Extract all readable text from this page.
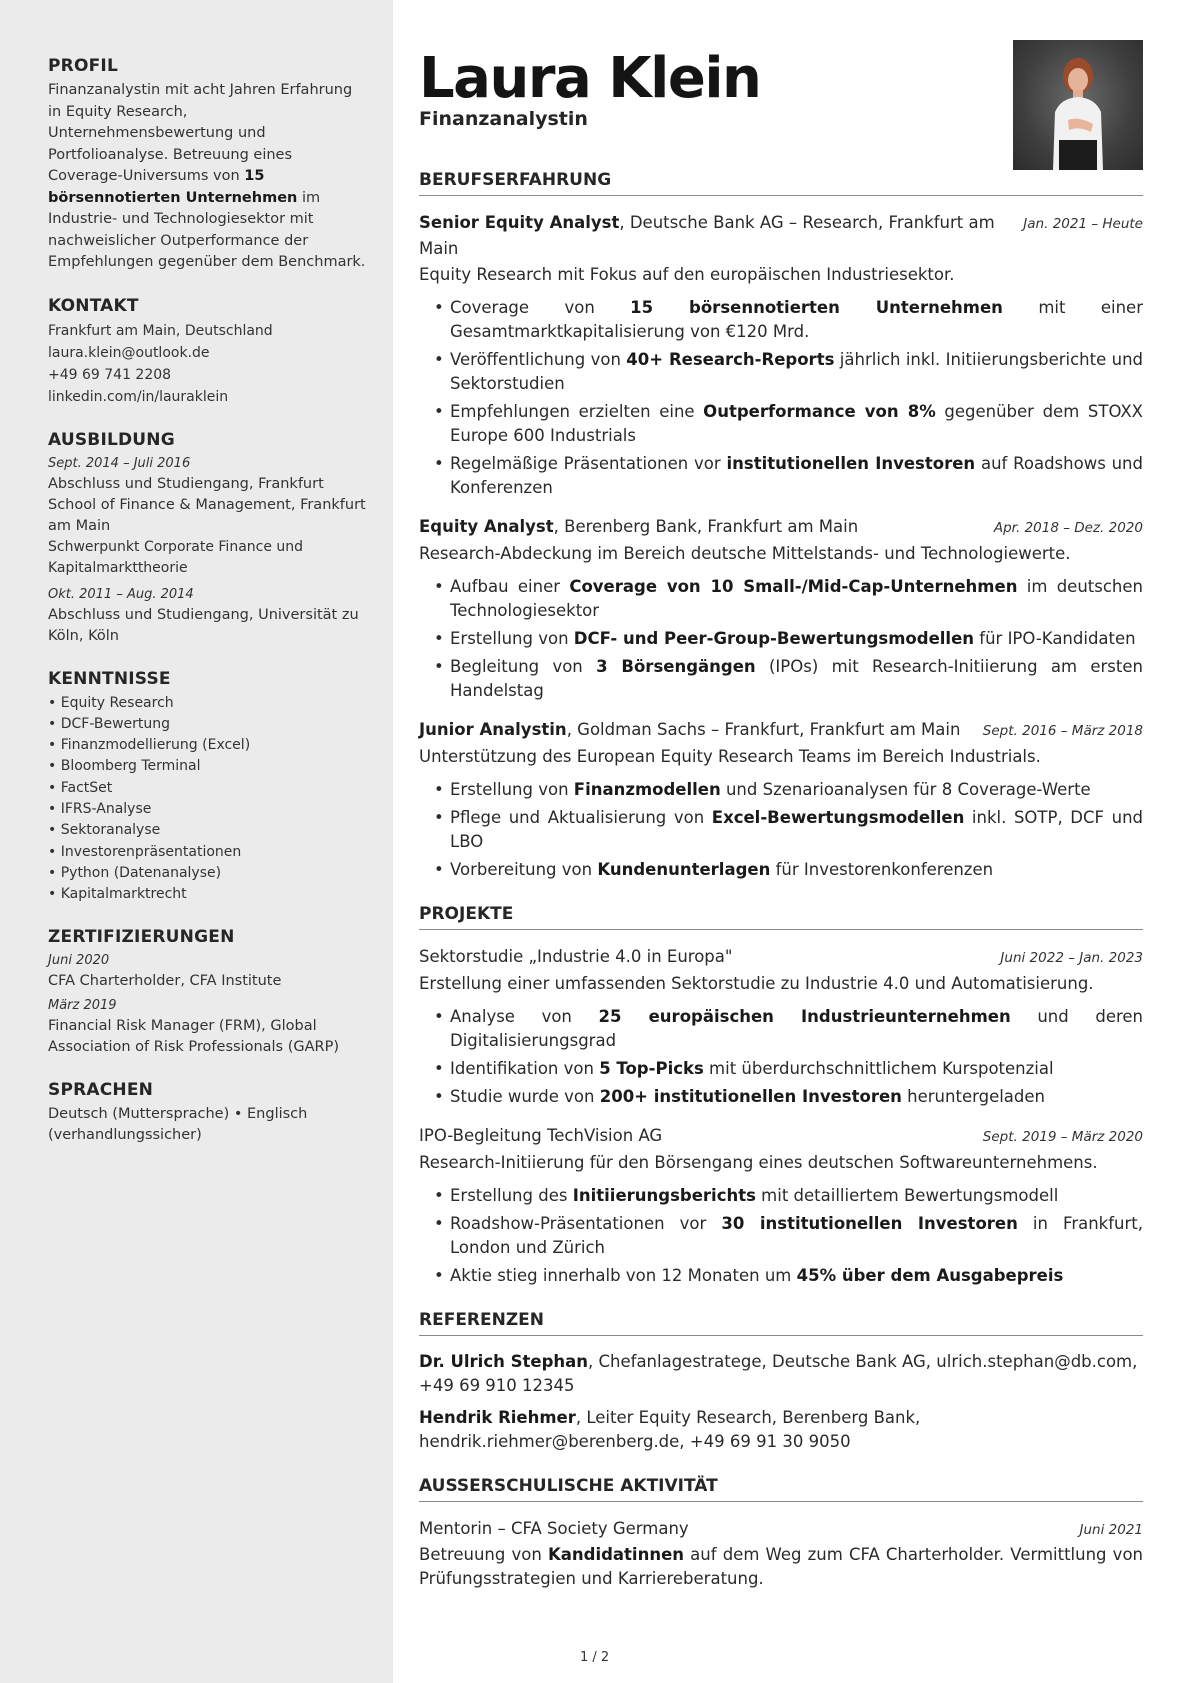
PROFIL

Finanzanalystin mit acht Jahren Erfahrung in Equity Research, Unternehmensbewertung und Portfolioanalyse. Betreuung eines Coverage-Universums von 15 börsennotierten Unternehmen im Industrie- und Technologiesektor mit nachweislicher Outperformance der Empfehlungen gegenüber dem Benchmark.

KONTAKT
Frankfurt am Main, Deutschland
laura.klein@outlook.de
+49 69 741 2208
linkedin.com/in/lauraklein
AUSBILDUNG
Sept. 2014 – Juli 2016
Abschluss und Studiengang, Frankfurt School of Finance & Management, Frankfurt am Main
Schwerpunkt Corporate Finance und Kapitalmarkttheorie
Okt. 2011 – Aug. 2014
Abschluss und Studiengang, Universität zu Köln, Köln
KENNTNISSE
• Equity Research
• DCF-Bewertung
• Finanzmodellierung (Excel)
• Bloomberg Terminal
• FactSet
• IFRS-Analyse
• Sektoranalyse
• Investorenpräsentationen
• Python (Datenanalyse)
• Kapitalmarktrecht
ZERTIFIZIERUNGEN
Juni 2020
CFA Charterholder, CFA Institute
März 2019
Financial Risk Manager (FRM), Global Association of Risk Professionals (GARP)
SPRACHEN
Deutsch (Muttersprache) • Englisch (verhandlungssicher)
Laura Klein
Finanzanalystin
BERUFSERFAHRUNG
Senior Equity Analyst, Deutsche Bank AG – Research, Frankfurt am Main
Jan. 2021 – Heute
Equity Research mit Fokus auf den europäischen Industriesektor.
• Coverage von 15 börsennotierten Unternehmen mit einer Gesamtmarktkapitalisierung von €120 Mrd.
• Veröffentlichung von 40+ Research-Reports jährlich inkl. Initiierungsberichte und Sektorstudien
• Empfehlungen erzielten eine Outperformance von 8% gegenüber dem STOXX Europe 600 Industrials
• Regelmäßige Präsentationen vor institutionellen Investoren auf Roadshows und Konferenzen
Equity Analyst, Berenberg Bank, Frankfurt am Main	Apr. 2018 – Dez. 2020
Research-Abdeckung im Bereich deutsche Mittelstands- und Technologiewerte.
• Aufbau einer Coverage von 10 Small-/Mid-Cap-Unternehmen im deutschen Technologiesektor
• Erstellung von DCF- und Peer-Group-Bewertungsmodellen für IPO-Kandidaten
• Begleitung von 3 Börsengängen (IPOs) mit Research-Initiierung am ersten Handelstag
Junior Analystin, Goldman Sachs – Frankfurt, Frankfurt am Main	Sept. 2016 – März 2018
Unterstützung des European Equity Research Teams im Bereich Industrials.
• Erstellung von Finanzmodellen und Szenarioanalysen für 8 Coverage-Werte
• Pflege und Aktualisierung von Excel-Bewertungsmodellen inkl. SOTP, DCF und LBO
• Vorbereitung von Kundenunterlagen für Investorenkonferenzen
PROJEKTE
Sektorstudie „Industrie 4.0 in Europa"	Juni 2022 – Jan. 2023
Erstellung einer umfassenden Sektorstudie zu Industrie 4.0 und Automatisierung.
• Analyse von 25 europäischen Industrieunternehmen und deren Digitalisierungsgrad
• Identifikation von 5 Top-Picks mit überdurchschnittlichem Kurspotenzial
• Studie wurde von 200+ institutionellen Investoren heruntergeladen
IPO-Begleitung TechVision AG	Sept. 2019 – März 2020
Research-Initiierung für den Börsengang eines deutschen Softwareunternehmens.
• Erstellung des Initiierungsberichts mit detailliertem Bewertungsmodell
• Roadshow-Präsentationen vor 30 institutionellen Investoren in Frankfurt, London und Zürich
• Aktie stieg innerhalb von 12 Monaten um 45% über dem Ausgabepreis
REFERENZEN
Dr. Ulrich Stephan, Chefanlagestratege, Deutsche Bank AG, ulrich.stephan@db.com, +49 69 910 12345
Hendrik Riehmer, Leiter Equity Research, Berenberg Bank, hendrik.riehmer@berenberg.de, +49 69 91 30 9050
AUSSERSCHULISCHE AKTIVITÄT
Mentorin – CFA Society Germany	Juni 2021
Betreuung von Kandidatinnen auf dem Weg zum CFA Charterholder. Vermittlung von Prüfungsstrategien und Karriereberatung.
1 / 2
